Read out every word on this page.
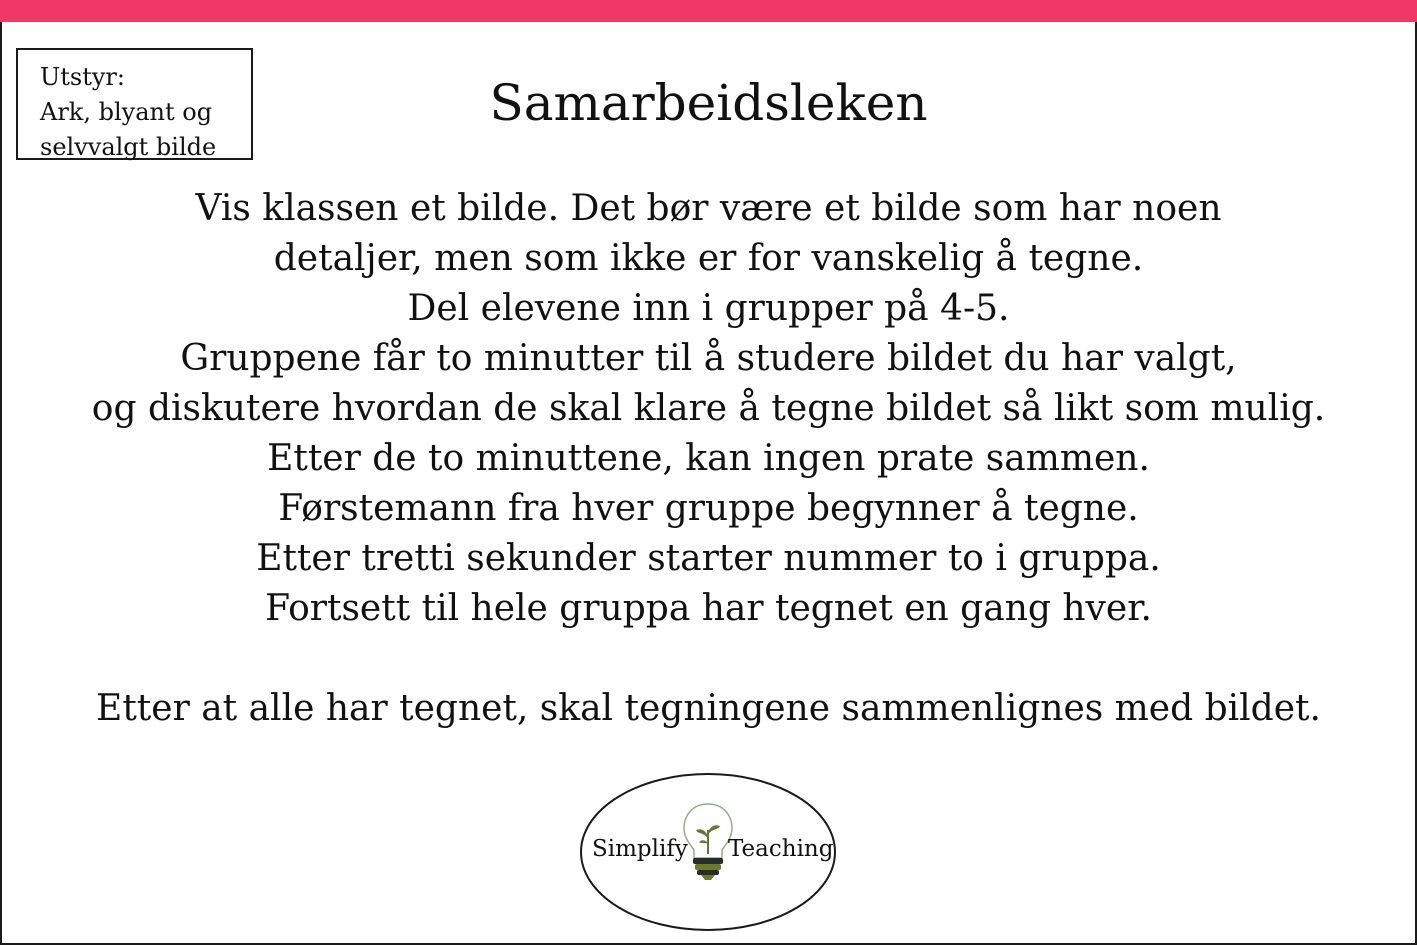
Utstyr:
Ark, blyant og
selvvalgt bilde
Samarbeidsleken
Vis klassen et bilde. Det bør være et bilde som har noen
detaljer, men som ikke er for vanskelig å tegne.
Del elevene inn i grupper på 4-5.
Gruppene får to minutter til å studere bildet du har valgt,
og diskutere hvordan de skal klare å tegne bildet så likt som mulig.
Etter de to minuttene, kan ingen prate sammen.
Førstemann fra hver gruppe begynner å tegne.
Etter tretti sekunder starter nummer to i gruppa.
Fortsett til hele gruppa har tegnet en gang hver.

Etter at alle har tegnet, skal tegningene sammenlignes med bildet.

Simplify Teaching
